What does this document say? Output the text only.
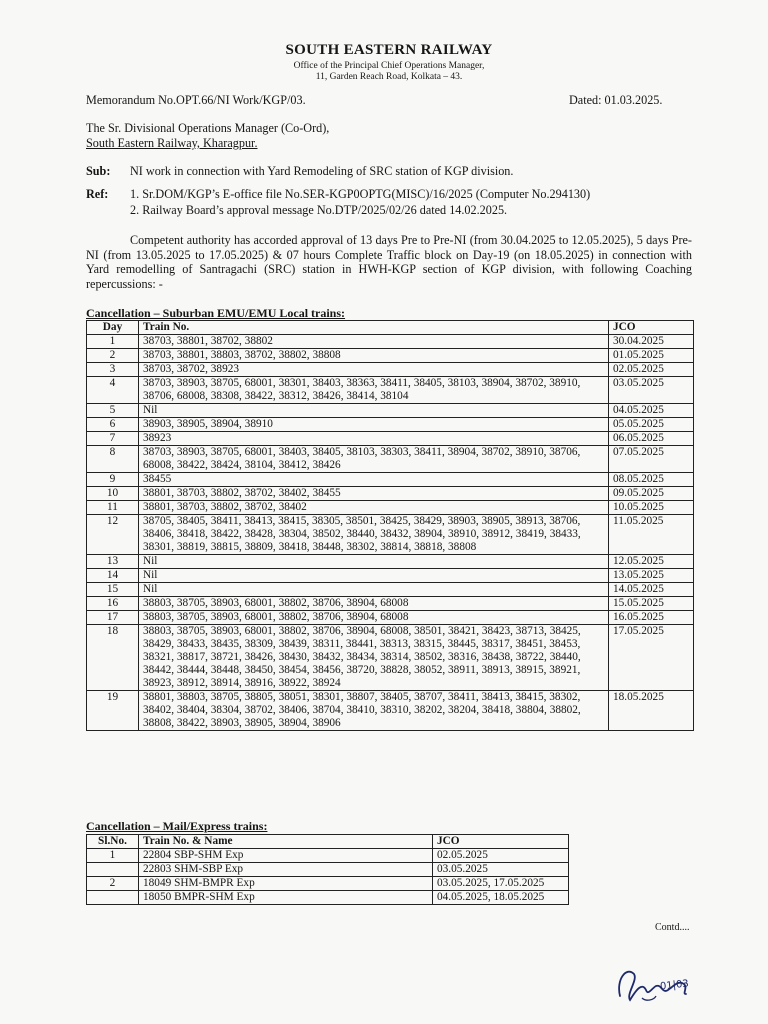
SOUTH EASTERN RAILWAY
Office of the Principal Chief Operations Manager,
11, Garden Reach Road, Kolkata – 43.
Memorandum No.OPT.66/NI Work/KGP/03.	Dated: 01.03.2025.
The Sr. Divisional Operations Manager (Co-Ord),
South Eastern Railway, Kharagpur.
Sub: NI work in connection with Yard Remodeling of SRC station of KGP division.
Ref: 1. Sr.DOM/KGP’s E-office file No.SER-KGP0OPTG(MISC)/16/2025 (Computer No.294130)
2. Railway Board’s approval message No.DTP/2025/02/26 dated 14.02.2025.
Competent authority has accorded approval of 13 days Pre to Pre-NI (from 30.04.2025 to 12.05.2025), 5 days Pre-NI (from 13.05.2025 to 17.05.2025) & 07 hours Complete Traffic block on Day-19 (on 18.05.2025) in connection with Yard remodelling of Santragachi (SRC) station in HWH-KGP section of KGP division, with following Coaching repercussions: -
Cancellation – Suburban EMU/EMU Local trains:
Day	Train No.	JCO
1	38703, 38801, 38702, 38802	30.04.2025
2	38703, 38801, 38803, 38702, 38802, 38808	01.05.2025
3	38703, 38702, 38923	02.05.2025
4	38703, 38903, 38705, 68001, 38301, 38403, 38363, 38411, 38405, 38103, 38904, 38702, 38910, 38706, 68008, 38308, 38422, 38312, 38426, 38414, 38104	03.05.2025
5	Nil	04.05.2025
6	38903, 38905, 38904, 38910	05.05.2025
7	38923	06.05.2025
8	38703, 38903, 38705, 68001, 38403, 38405, 38103, 38303, 38411, 38904, 38702, 38910, 38706, 68008, 38422, 38424, 38104, 38412, 38426	07.05.2025
9	38455	08.05.2025
10	38801, 38703, 38802, 38702, 38402, 38455	09.05.2025
11	38801, 38703, 38802, 38702, 38402	10.05.2025
12	38705, 38405, 38411, 38413, 38415, 38305, 38501, 38425, 38429, 38903, 38905, 38913, 38706, 38406, 38418, 38422, 38428, 38304, 38502, 38440, 38432, 38904, 38910, 38912, 38419, 38433, 38301, 38819, 38815, 38809, 38418, 38448, 38302, 38814, 38818, 38808	11.05.2025
13	Nil	12.05.2025
14	Nil	13.05.2025
15	Nil	14.05.2025
16	38803, 38705, 38903, 68001, 38802, 38706, 38904, 68008	15.05.2025
17	38803, 38705, 38903, 68001, 38802, 38706, 38904, 68008	16.05.2025
18	38803, 38705, 38903, 68001, 38802, 38706, 38904, 68008, 38501, 38421, 38423, 38713, 38425, 38429, 38433, 38435, 38309, 38439, 38311, 38441, 38313, 38315, 38445, 38317, 38451, 38453, 38321, 38817, 38721, 38426, 38430, 38432, 38434, 38314, 38502, 38316, 38438, 38722, 38440, 38442, 38444, 38448, 38450, 38454, 38456, 38720, 38828, 38052, 38911, 38913, 38915, 38921, 38923, 38912, 38914, 38916, 38922, 38924	17.05.2025
19	38801, 38803, 38705, 38805, 38051, 38301, 38807, 38405, 38707, 38411, 38413, 38415, 38302, 38402, 38404, 38304, 38702, 38406, 38704, 38410, 38310, 38202, 38204, 38418, 38804, 38802, 38808, 38422, 38903, 38905, 38904, 38906	18.05.2025
Cancellation – Mail/Express trains:
Sl.No.	Train No. & Name	JCO
1	22804 SBP-SHM Exp	02.05.2025
	22803 SHM-SBP Exp	03.05.2025
2	18049 SHM-BMPR Exp	03.05.2025, 17.05.2025
	18050 BMPR-SHM Exp	04.05.2025, 18.05.2025
Contd....
01|03
